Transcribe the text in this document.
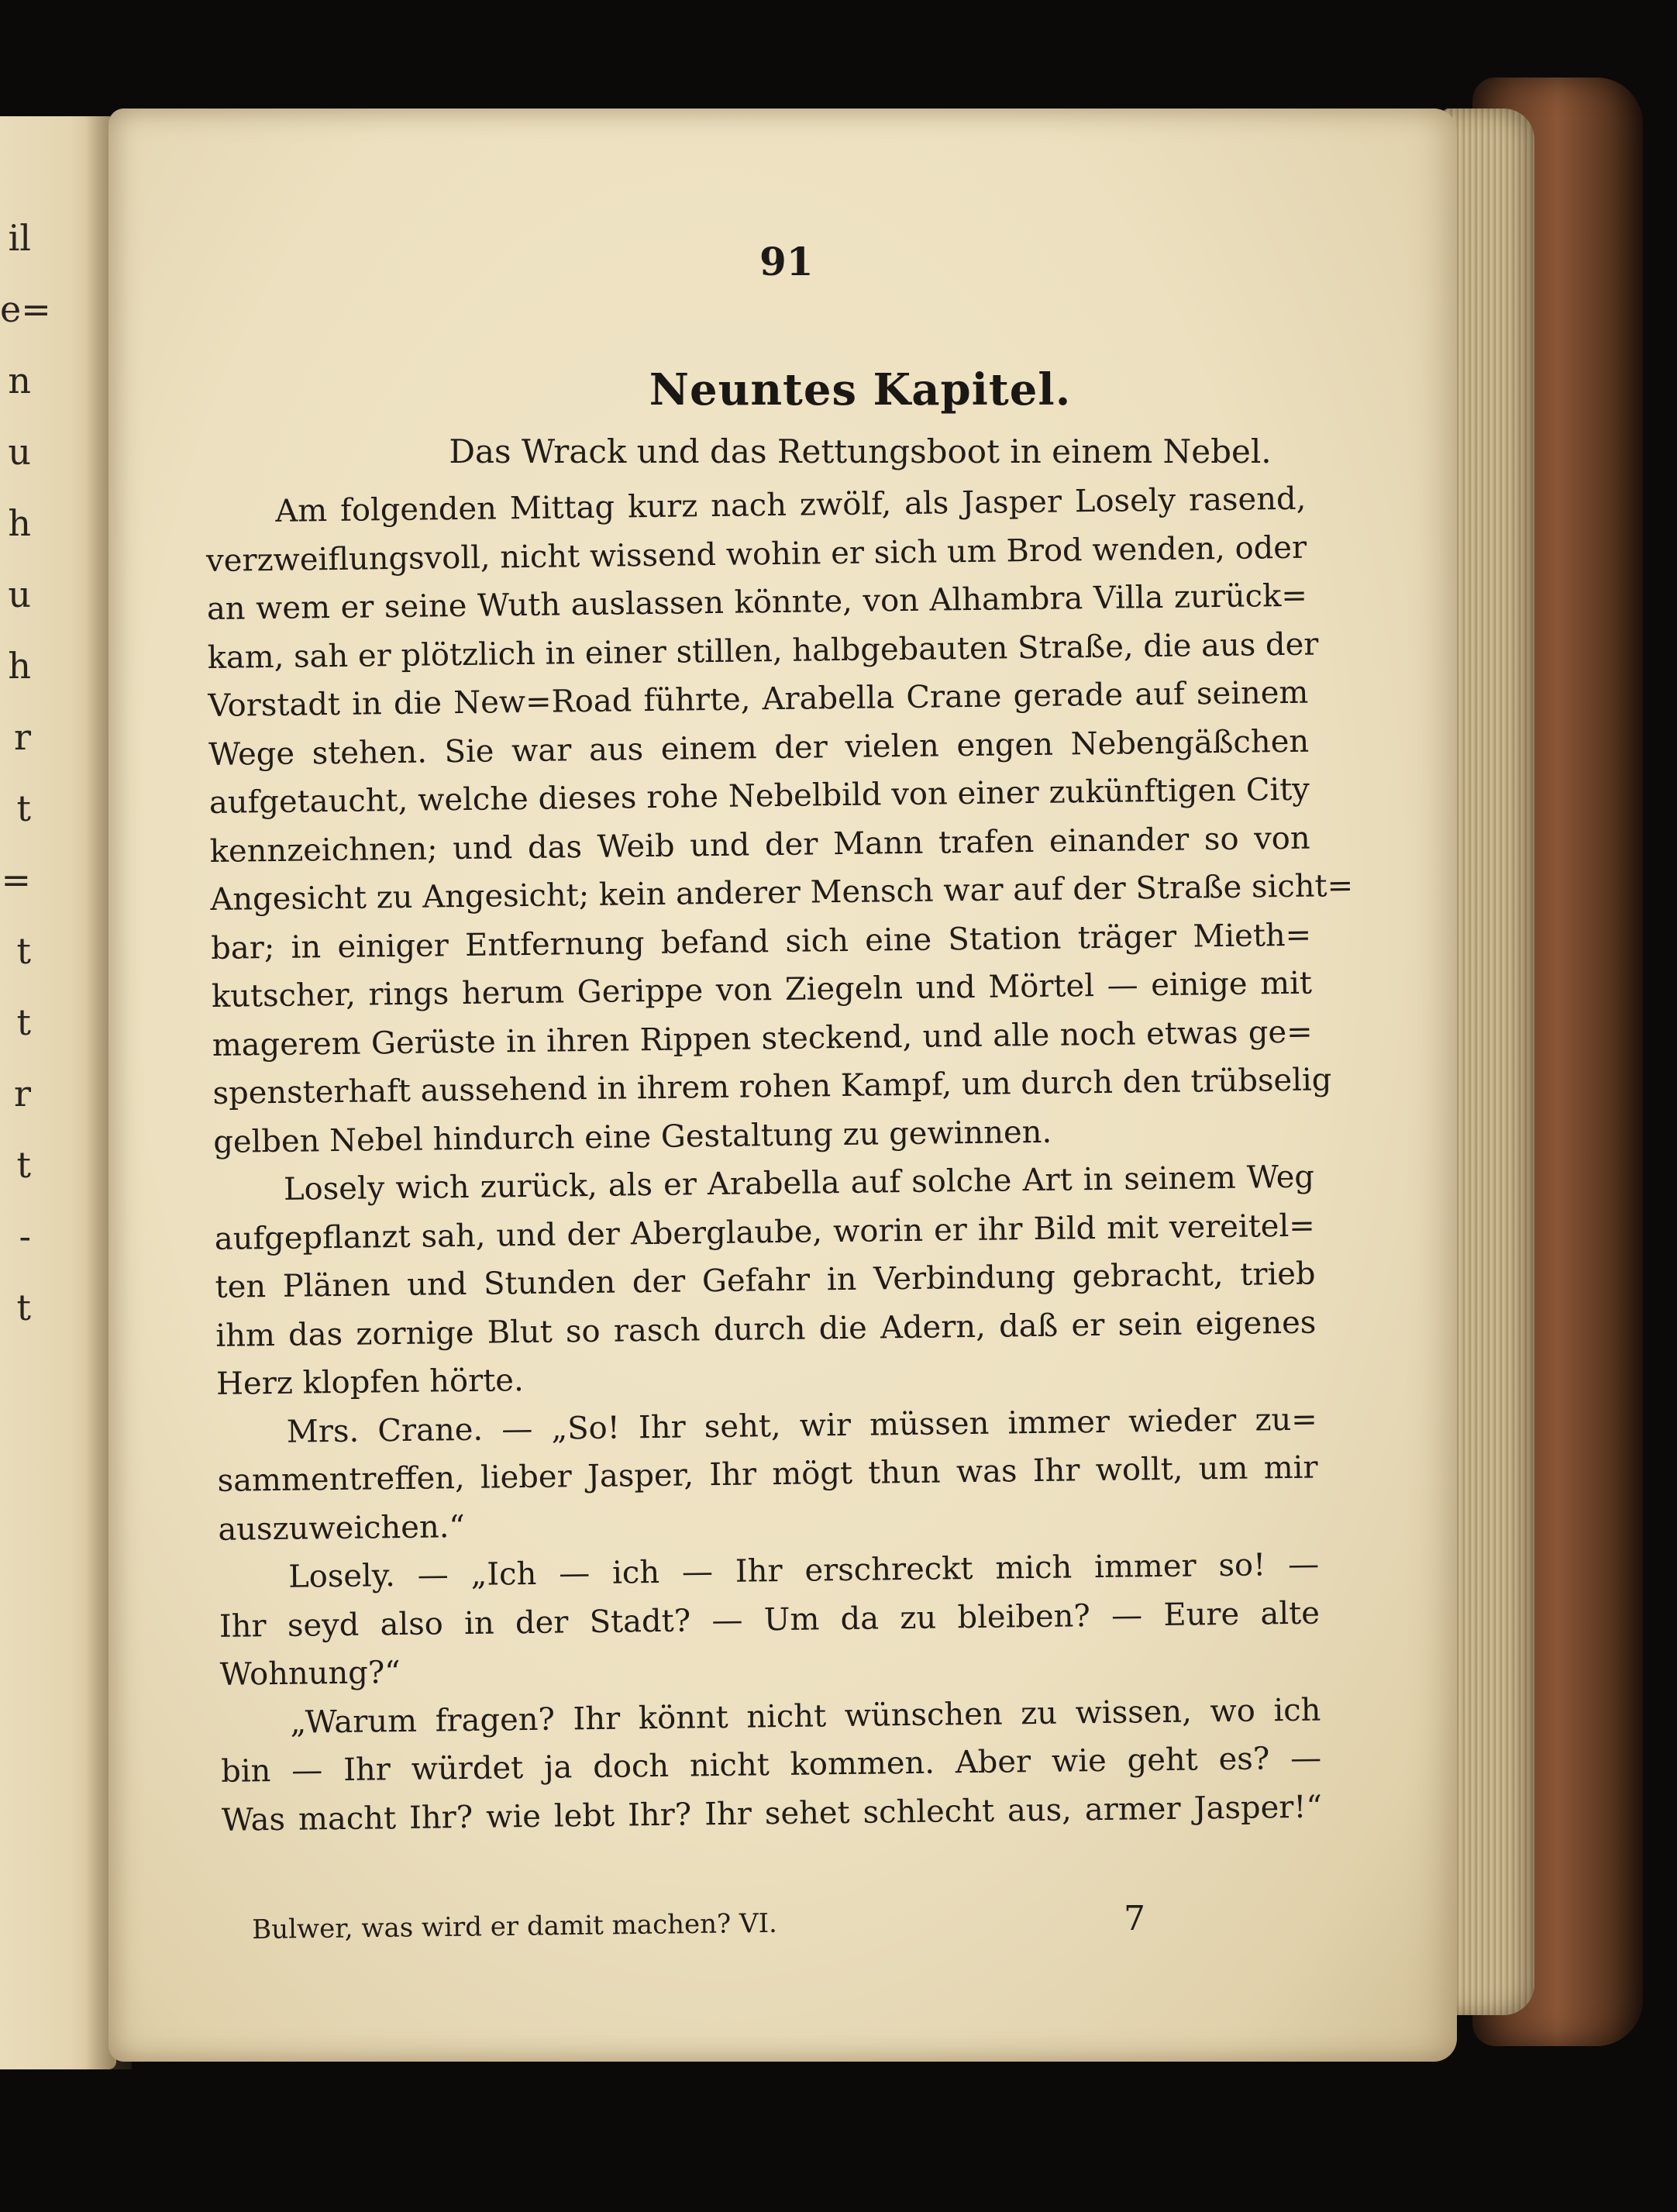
il
e=
n
u
h
u
h
r
t
=
t
t
r
t
-
t
91
Neuntes Kapitel.
Das Wrack und das Rettungsboot in einem Nebel.
Am folgenden Mittag kurz nach zwölf, als Jasper Losely rasend,
verzweiflungsvoll, nicht wissend wohin er sich um Brod wenden, oder
an wem er seine Wuth auslassen könnte, von Alhambra Villa zurück=
kam, sah er plötzlich in einer stillen, halbgebauten Straße, die aus der
Vorstadt in die New=Road führte, Arabella Crane gerade auf seinem
Wege stehen. Sie war aus einem der vielen engen Nebengäßchen
aufgetaucht, welche dieses rohe Nebelbild von einer zukünftigen City
kennzeichnen; und das Weib und der Mann trafen einander so von
Angesicht zu Angesicht; kein anderer Mensch war auf der Straße sicht=
bar; in einiger Entfernung befand sich eine Station träger Mieth=
kutscher, rings herum Gerippe von Ziegeln und Mörtel — einige mit
magerem Gerüste in ihren Rippen steckend, und alle noch etwas ge=
spensterhaft aussehend in ihrem rohen Kampf, um durch den trübselig
gelben Nebel hindurch eine Gestaltung zu gewinnen.
Losely wich zurück, als er Arabella auf solche Art in seinem Weg
aufgepflanzt sah, und der Aberglaube, worin er ihr Bild mit vereitel=
ten Plänen und Stunden der Gefahr in Verbindung gebracht, trieb
ihm das zornige Blut so rasch durch die Adern, daß er sein eigenes
Herz klopfen hörte.
Mrs. Crane. — „So! Ihr seht, wir müssen immer wieder zu=
sammentreffen, lieber Jasper, Ihr mögt thun was Ihr wollt, um mir
auszuweichen.“
Losely. — „Ich — ich — Ihr erschreckt mich immer so! —
Ihr seyd also in der Stadt? — Um da zu bleiben? — Eure alte
Wohnung?“
„Warum fragen? Ihr könnt nicht wünschen zu wissen, wo ich
bin — Ihr würdet ja doch nicht kommen. Aber wie geht es? —
Was macht Ihr? wie lebt Ihr? Ihr sehet schlecht aus, armer Jasper!“
Bulwer, was wird er damit machen? VI.	7
